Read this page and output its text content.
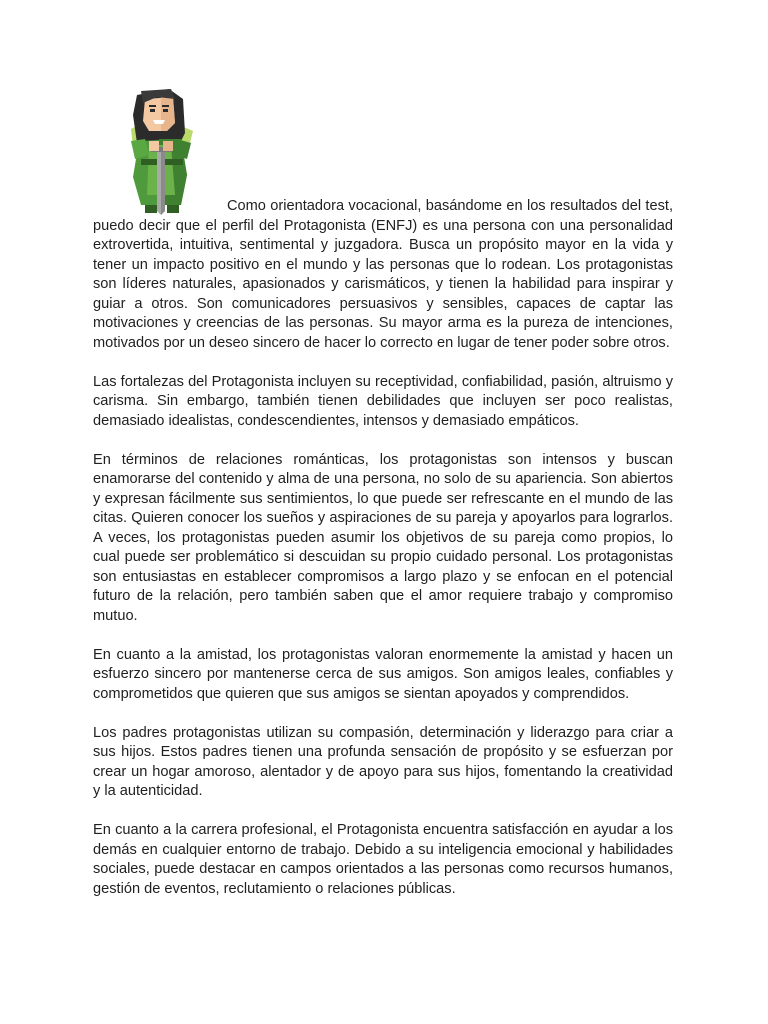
Como orientadora vocacional, basándome en los resultados del test, puedo decir que el perfil del Protagonista (ENFJ) es una persona con una personalidad extrovertida, intuitiva, sentimental y juzgadora. Busca un propósito mayor en la vida y tener un impacto positivo en el mundo y las personas que lo rodean. Los protagonistas son líderes naturales, apasionados y carismáticos, y tienen la habilidad para inspirar y guiar a otros. Son comunicadores persuasivos y sensibles, capaces de captar las motivaciones y creencias de las personas. Su mayor arma es la pureza de intenciones, motivados por un deseo sincero de hacer lo correcto en lugar de tener poder sobre otros.

Las fortalezas del Protagonista incluyen su receptividad, confiabilidad, pasión, altruismo y carisma. Sin embargo, también tienen debilidades que incluyen ser poco realistas, demasiado idealistas, condescendientes, intensos y demasiado empáticos.

En términos de relaciones románticas, los protagonistas son intensos y buscan enamorarse del contenido y alma de una persona, no solo de su apariencia. Son abiertos y expresan fácilmente sus sentimientos, lo que puede ser refrescante en el mundo de las citas. Quieren conocer los sueños y aspiraciones de su pareja y apoyarlos para lograrlos. A veces, los protagonistas pueden asumir los objetivos de su pareja como propios, lo cual puede ser problemático si descuidan su propio cuidado personal. Los protagonistas son entusiastas en establecer compromisos a largo plazo y se enfocan en el potencial futuro de la relación, pero también saben que el amor requiere trabajo y compromiso mutuo.

En cuanto a la amistad, los protagonistas valoran enormemente la amistad y hacen un esfuerzo sincero por mantenerse cerca de sus amigos. Son amigos leales, confiables y comprometidos que quieren que sus amigos se sientan apoyados y comprendidos.

Los padres protagonistas utilizan su compasión, determinación y liderazgo para criar a sus hijos. Estos padres tienen una profunda sensación de propósito y se esfuerzan por crear un hogar amoroso, alentador y de apoyo para sus hijos, fomentando la creatividad y la autenticidad.

En cuanto a la carrera profesional, el Protagonista encuentra satisfacción en ayudar a los demás en cualquier entorno de trabajo. Debido a su inteligencia emocional y habilidades sociales, puede destacar en campos orientados a las personas como recursos humanos, gestión de eventos, reclutamiento o relaciones públicas.
